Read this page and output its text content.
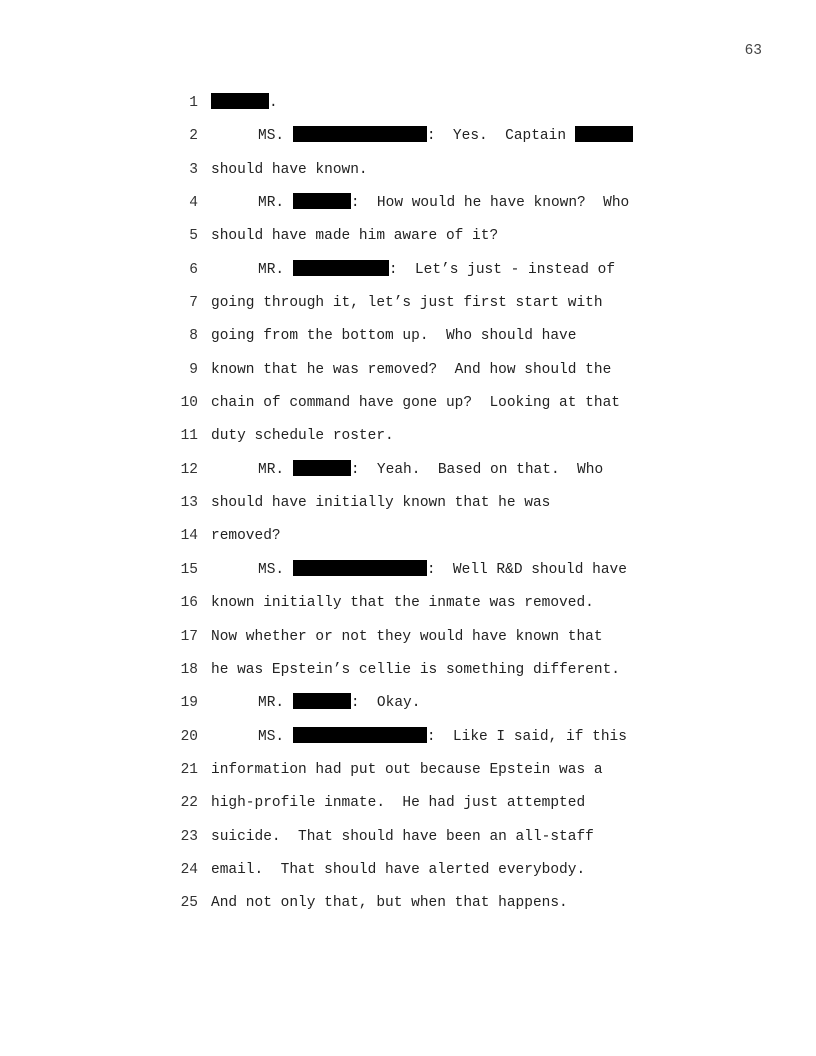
63
1	.
2	MS.	:  Yes.  Captain
3 should have known.
4	MR.	:  How would he have known?  Who
5 should have made him aware of it?
6	MR.	:  Let’s just - instead of
7 going through it, let’s just first start with
8 going from the bottom up.  Who should have
9 known that he was removed?  And how should the
10 chain of command have gone up?  Looking at that
11 duty schedule roster.
12	MR.	:  Yeah.  Based on that.  Who
13 should have initially known that he was
14 removed?
15	MS.	:  Well R&D should have
16 known initially that the inmate was removed.
17 Now whether or not they would have known that
18 he was Epstein’s cellie is something different.
19	MR.	:  Okay.
20	MS.	:  Like I said, if this
21 information had put out because Epstein was a
22 high-profile inmate.  He had just attempted
23 suicide.  That should have been an all-staff
24 email.  That should have alerted everybody.
25 And not only that, but when that happens.
